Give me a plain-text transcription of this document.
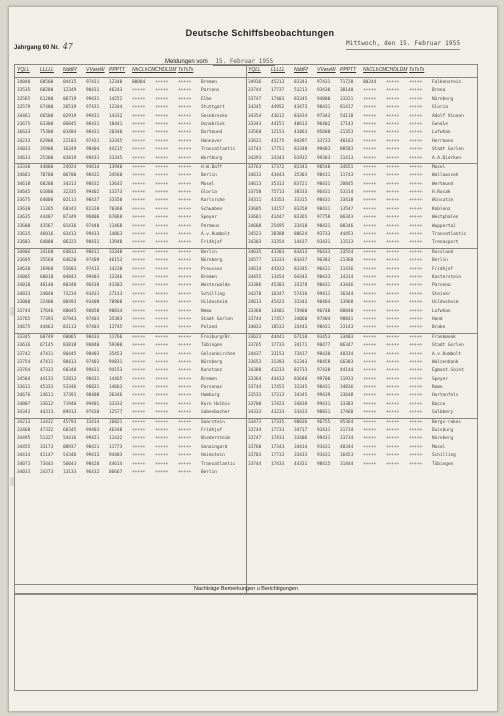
Deutsche Schiffsbeobachtungen
Jahrgang 60 Nr. 47	Mittwoch, den 15. Februar 1955
Meldungen vom 15. Februar 1955
YQLL LLLLL NddFf VVwwW PPPTT NhCLhCM CHDLDM TsTsTs	YQLL LLLLL NddFf VVwwW PPPTT NhCLhCM CHDLDM TsTsTs
34040 60500 04415 97431 12340 00004 +++++ +++++ Bremen
33535 60200 12349 90431 46243 +++++ +++++ +++++ Parcens
33565 61200 06719 99431 14252 +++++ +++++ +++++ Elbe
33579 67400 26519 97431 12344 +++++ +++++ +++++ Stuttgart
34461 66500 02919 99431 14332 +++++ +++++ +++++ Gesebrecke
33675 63300 06845 98431 10441 +++++ +++++ +++++ Osnabrück
36633 75300 03404 98431 20340 +++++ +++++ +++++ Dortmund
34233 62900 22103 97431 33345 +++++ +++++ +++++ Hannover
34033 35900 16349 98404 44215 +++++ +++++ +++++ Transatlantic
34633 25300 03819 99431 33345 +++++ +++++ +++++ Wartburg
33338 44800 24924 94414 13940 +++++ +++++ +++++ H.W.Baff
34601 70700 06700 98432 34560 +++++ +++++ +++++ Berlin
34618 60200 34313 98432 13643 +++++ +++++ +++++ Mosel
34645 61000 32335 99402 13373 +++++ +++++ +++++ Gloria
33675 64000 02113 98437 33350 +++++ +++++ +++++ Karlsruhe
33630 11365 60343 82338 70360 +++++ +++++ +++++ Schwaben
33635 44407 87349 96806 67068 +++++ +++++ +++++ Speyer
33600 43567 01436 97440 11468 +++++ +++++ +++++ Parmeus
33615 46016 03413 99433 14063 +++++ +++++ +++++ A.v.Humbolt
33683 64000 06223 98431 13940 +++++ +++++ +++++ Fridhjof
34006 34160 64813 98411 33348 +++++ +++++ +++++ Berlin
33695 35560 64620 97409 46153 +++++ +++++ +++++ Nürnberg
34630 16960 55603 97413 14230 +++++ +++++ +++++ Preussen
34005 60010 04843 99403 13346 +++++ +++++ +++++ Bremen
34010 46140 80340 96438 43303 +++++ +++++ +++++ Westerwalde
34033 24040 73234 93431 27143 +++++ +++++ +++++ Schilling
33000 32400 80493 93408 70960 +++++ +++++ +++++ Hildesheim
33744 17646 80045 96858 90834 +++++ +++++ +++++ Nemo
33765 77393 87943 97403 35383 +++++ +++++ +++++ Stadt Gorlen
34675 44463 83113 97403 13745 +++++ +++++ +++++ Poland
33345 60749 60065 98433 11766 +++++ +++++ +++++ Freiburg/Br.
33616 67145 83818 96840 59300 +++++ +++++ +++++ Tübingen
33742 47411 80445 98403 35453 +++++ +++++ +++++ Gelsenkirchen
33754 47411 80413 97403 94831 +++++ +++++ +++++ Nürnberg
33764 47333 60348 99431 94153 +++++ +++++ +++++ Konstanz
34504 44133 52833 98431 14465 +++++ +++++ +++++ Bremen
33611 45333 53346 96831 14663 +++++ +++++ +++++ Parsenas
34676 24611 37391 98400 36346 +++++ +++++ +++++ Hamburg
34007 33612 71940 99401 33333 +++++ +++++ +++++ Korn Hulbis
34343 44313 89413 97430 12577 +++++ +++++ +++++ Gabenbacher
34213 13432 45793 33414 16821 +++++ +++++ +++++ Saarstein
33468 47332 60345 99403 46340 +++++ +++++ +++++ Fridhjof
34495 51327 54416 99421 11432 +++++ +++++ +++++ Niedersteim
34455 33173 00937 98421 11773 +++++ +++++ +++++ Genaingard
34414 41147 54346 99413 94403 +++++ +++++ +++++ Heimstein
34073 73443 56043 98420 44614 +++++ +++++ +++++ Transatlantic
34033 24373 13133 96432 06667 +++++ +++++ +++++ Berlin
34936 45213 83343 97431 71720 00244 +++++ +++++ Falkenstein
33744 17737 51213 93430 30140 +++++ +++++ +++++ Brena
33747 17403 83345 94800 33321 +++++ +++++ +++++ Nürnberg
34345 44952 43473 98431 81417 +++++ +++++ +++++ Gloria
34354 43612 83434 97343 54110 +++++ +++++ +++++ Adolf Vinnen
33343 44151 40613 96402 17143 +++++ +++++ +++++ Genale
33560 12153 41863 95608 21353 +++++ +++++ +++++ Lufwhan
33631 43175 84397 33733 40163 +++++ +++++ +++++ Herrmann
33743 17751 83348 99403 88583 +++++ +++++ +++++ Stadt Gorlen
34393 33343 61932 99303 11413 +++++ +++++ +++++ A.A.Dierken
33763 17372 81343 98548 34651 +++++ +++++ +++++ Mosel
34613 43443 35303 98411 11743 +++++ +++++ +++++ Wallowsseh
34613 35313 83721 98431 20845 +++++ +++++ +++++ Wertmund
33758 75713 38333 96431 53314 +++++ +++++ +++++ H.Rosak
34311 43353 33315 98431 33418 +++++ +++++ +++++ Winsatie
33605 14157 83358 98431 13547 +++++ +++++ +++++ Koblenz
33601 41447 83365 97758 06343 +++++ +++++ +++++ Westphalen
34608 25495 33418 98431 08346 +++++ +++++ +++++ Wuppertal
34523 38388 80624 93733 44453 +++++ +++++ +++++ Transatlantic
34303 33354 14437 93431 11513 +++++ +++++ +++++ Trenasport
34635 43303 83413 96433 33554 +++++ +++++ +++++ Rossland
34577 13333 83437 96383 21368 +++++ +++++ +++++ Berlin
34614 44333 83345 96411 11436 +++++ +++++ +++++ Fridhjof
34455 13454 64343 98433 14314 +++++ +++++ +++++ Kasterstein
33386 45303 33378 98431 43446 +++++ +++++ +++++ Parsena
34378 16347 57416 99411 36344 +++++ +++++ +++++ Steiner
34613 45423 33343 98404 13968 +++++ +++++ +++++ Hildesheim
33368 13401 73960 96748 80840 +++++ +++++ +++++ Lufwhan
33744 17457 34060 97404 98841 +++++ +++++ +++++ Hond
34033 18533 33443 98431 33143 +++++ +++++ +++++ Brake
33623 44441 67118 93453 33403 +++++ +++++ +++++ Frankmeak
33765 17733 34171 98477 86347 +++++ +++++ +++++ Stadt Gorlen
34437 33153 73417 98430 40334 +++++ +++++ +++++ A.v.Humbolt
33653 31393 61343 98458 66303 +++++ +++++ +++++ Walzenbank
34380 43233 83733 97438 44144 +++++ +++++ +++++ Egmont.Saint
33364 44433 83640 99700 11933 +++++ +++++ +++++ Speyer
33744 17453 33345 98431 34836 +++++ +++++ +++++ Rome
33533 17313 34345 99439 33648 +++++ +++++ +++++ Hartenfels
33700 17423 34838 99431 13383 +++++ +++++ +++++ Bacce
34333 43233 33433 98831 17460 +++++ +++++ +++++ Galbbery
33473 17335 98836 96755 95364 +++++ +++++ +++++ Bergs-rakes
33744 17733 34717 93431 31734 +++++ +++++ +++++ Duisburg
33747 17433 33406 99431 33734 +++++ +++++ +++++ Nürnberg
33760 17343 34414 93431 40344 +++++ +++++ +++++ Mosel
33703 17733 33433 93431 16453 +++++ +++++ +++++ Schilling
33744 17433 44331 98415 31444 +++++ +++++ +++++ Tübingen
Nachträge Bemerkungen u Berichtigungen
